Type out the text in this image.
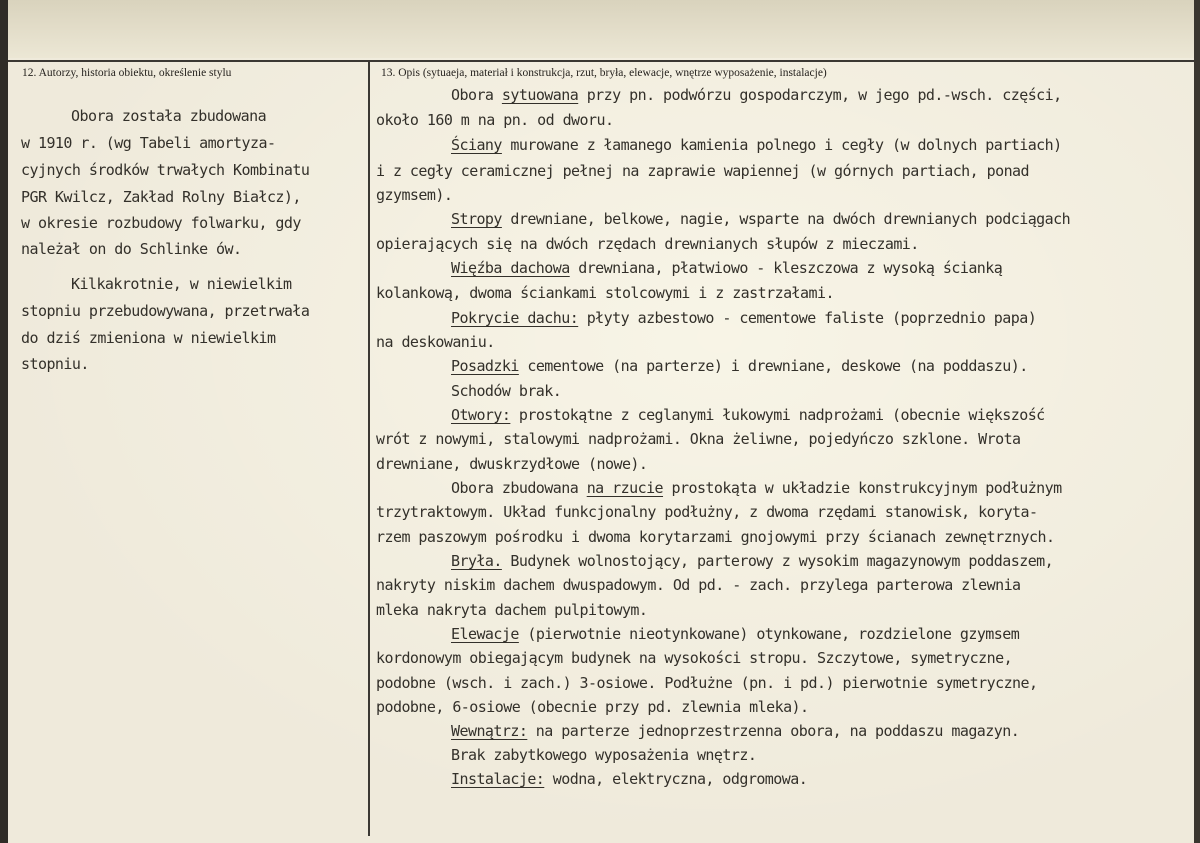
12. Autorzy, historia obiektu, określenie stylu	13. Opis (sytuaeja, materiał i konstrukcja, rzut, bryła, elewacje, wnętrze wyposażenie, instalacje)
Obora została zbudowana
w 1910 r. (wg Tabeli amortyza-
cyjnych środków trwałych Kombinatu
PGR Kwilcz, Zakład Rolny Białcz),
w okresie rozbudowy folwarku, gdy
należał on do Schlinke ów.
Kilkakrotnie, w niewielkim
stopniu przebudowywana, przetrwała
do dziś zmieniona w niewielkim
stopniu.
Obora sytuowana przy pn. podwórzu gospodarczym, w jego pd.-wsch. części,
około 160 m na pn. od dworu.
Ściany murowane z łamanego kamienia polnego i cegły (w dolnych partiach)
i z cegły ceramicznej pełnej na zaprawie wapiennej (w górnych partiach, ponad
gzymsem).
Stropy drewniane, belkowe, nagie, wsparte na dwóch drewnianych podciągach
opierających się na dwóch rzędach drewnianych słupów z mieczami.
Więźba dachowa drewniana, płatwiowo - kleszczowa z wysoką ścianką
kolankową, dwoma ściankami stolcowymi i z zastrzałami.
Pokrycie dachu: płyty azbestowo - cementowe faliste (poprzednio papa)
na deskowaniu.
Posadzki cementowe (na parterze) i drewniane, deskowe (na poddaszu).
Schodów brak.
Otwory: prostokątne z ceglanymi łukowymi nadprożami (obecnie większość
wrót z nowymi, stalowymi nadprożami. Okna żeliwne, pojedyńczo szklone. Wrota
drewniane, dwuskrzydłowe (nowe).
Obora zbudowana na rzucie prostokąta w układzie konstrukcyjnym podłużnym
trzytraktowym. Układ funkcjonalny podłużny, z dwoma rzędami stanowisk, koryta-
rzem paszowym pośrodku i dwoma korytarzami gnojowymi przy ścianach zewnętrznych.
Bryła. Budynek wolnostojący, parterowy z wysokim magazynowym poddaszem,
nakryty niskim dachem dwuspadowym. Od pd. - zach. przylega parterowa zlewnia
mleka nakryta dachem pulpitowym.
Elewacje (pierwotnie nieotynkowane) otynkowane, rozdzielone gzymsem
kordonowym obiegającym budynek na wysokości stropu. Szczytowe, symetryczne,
podobne (wsch. i zach.) 3-osiowe. Podłużne (pn. i pd.) pierwotnie symetryczne,
podobne, 6-osiowe (obecnie przy pd. zlewnia mleka).
Wewnątrz: na parterze jednoprzestrzenna obora, na poddaszu magazyn.
Brak zabytkowego wyposażenia wnętrz.
Instalacje: wodna, elektryczna, odgromowa.
